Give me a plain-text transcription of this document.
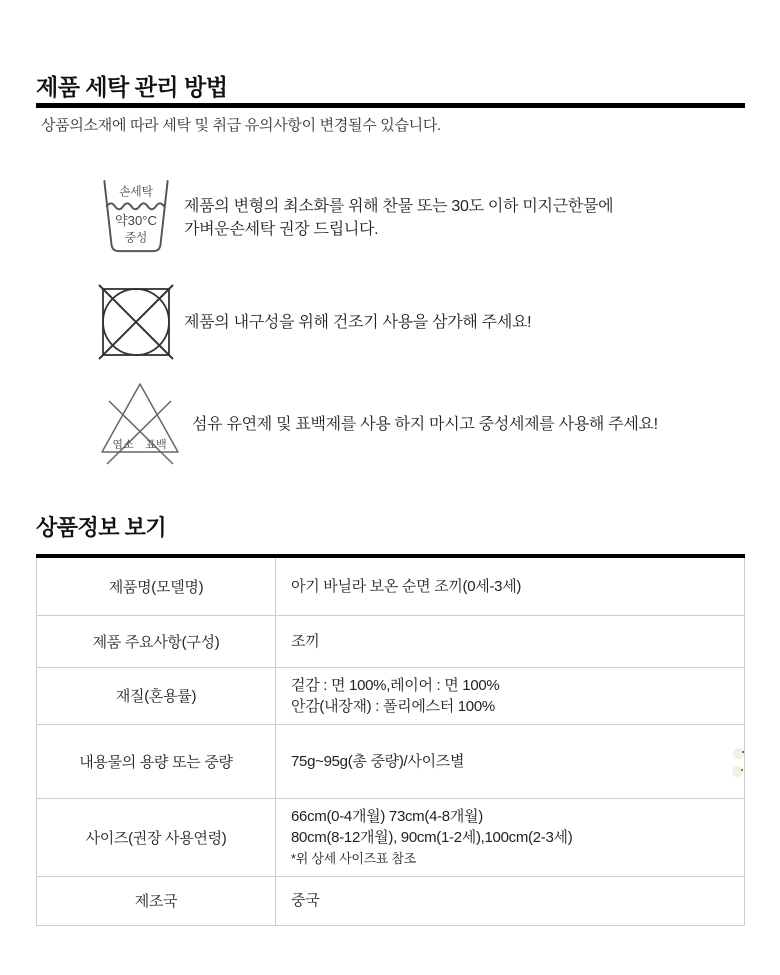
제품 세탁 관리 방법
상품의소재에 따라 세탁 및 취급 유의사항이 변경될수 있습니다.
손세탁
약30°C
중성
제품의 변형의 최소화를 위해 찬물 또는 30도 이하 미지근한물에
가벼운손세탁 권장 드립니다.
제품의 내구성을 위해 건조기 사용을 삼가해 주세요!
염소 표백
섬유 유연제 및 표백제를 사용 하지 마시고 중성세제를 사용해 주세요!
상품정보 보기
제품명(모델명)	아기 바닐라 보온 순면 조끼(0세-3세)

제품 주요사항(구성)	조끼

재질(혼용률)	겉감 : 면 100%,레이어 : 면 100%
안감(내장재) : 폴리에스터 100%

내용물의 용량 또는 중량	75g~95g(총 중량)/사이즈별

사이즈(권장 사용연령)	66cm(0-4개월) 73cm(4-8개월)
80cm(8-12개월), 90cm(1-2세),100cm(2-3세)
*위 상세 사이즈표 참조

제조국	중국
